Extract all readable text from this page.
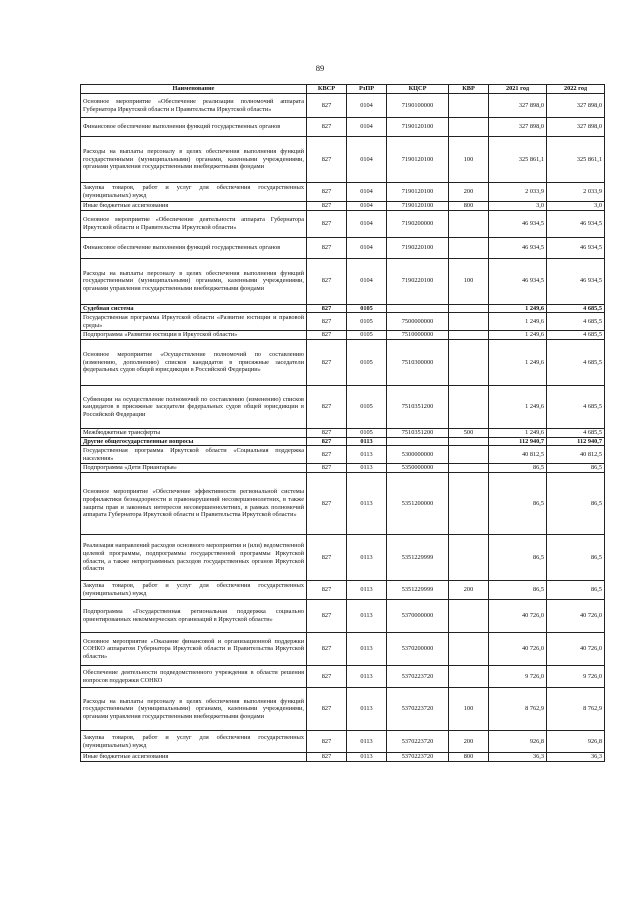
89
Наименование	КВСР	РзПР	КЦСР	КВР	2021 год	2022 год
Основное мероприятие «Обеспечение реализации полномочий аппарата Губернатора Иркутской области и Правительства Иркутской области»	827	0104	7190100000		327 898,0	327 898,0
Финансовое обеспечение выполнения функций государственных органов	827	0104	7190120100		327 898,0	327 898,0
Расходы на выплаты персоналу в целях обеспечения выполнения функций государственными (муниципальными) органами, казенными учреждениями, органами управления государственными внебюджетными фондами	827	0104	7190120100	100	325 861,1	325 861,1
Закупка товаров, работ и услуг для обеспечения государственных (муниципальных) нужд	827	0104	7190120100	200	2 033,9	2 033,9
Иные бюджетные ассигнования	827	0104	7190120100	800	3,0	3,0
Основное мероприятие «Обеспечение деятельности аппарата Губернатора Иркутской области и Правительства Иркутской области»	827	0104	7190200000		46 934,5	46 934,5
Финансовое обеспечение выполнения функций государственных органов	827	0104	7190220100		46 934,5	46 934,5
Расходы на выплаты персоналу в целях обеспечения выполнения функций государственными (муниципальными) органами, казенными учреждениями, органами управления государственными внебюджетными фондами	827	0104	7190220100	100	46 934,5	46 934,5
Судебная система	827	0105			1 249,6	4 685,5
Государственная программа Иркутской области «Развитие юстиции и правовой среды»	827	0105	7500000000		1 249,6	4 685,5
Подпрограмма «Развитие юстиции в Иркутской области»	827	0105	7510000000		1 249,6	4 685,5
Основное мероприятие «Осуществление полномочий по составлению (изменению, дополнению) списков кандидатов в присяжные заседатели федеральных судов общей юрисдикции в Российской Федерации»	827	0105	7510300000		1 249,6	4 685,5
Субвенции на осуществление полномочий по составлению (изменению) списков кандидатов в присяжные заседатели федеральных судов общей юрисдикции в Российской Федерации	827	0105	7510351200		1 249,6	4 685,5
Межбюджетные трансферты	827	0105	7510351200	500	1 249,6	4 685,5
Другие общегосударственные вопросы	827	0113			112 940,7	112 940,7
Государственная программа Иркутской области «Социальная поддержка населения»	827	0113	5300000000		40 812,5	40 812,5
Подпрограмма «Дети Приангарья»	827	0113	5350000000		86,5	86,5
Основное мероприятие «Обеспечение эффективности региональной системы профилактики безнадзорности и правонарушений несовершеннолетних, в также защиты прав и законных интересов несовершеннолетних, в рамках полномочий аппарата Губернатора Иркутской области и Правительства Иркутской области»	827	0113	5351200000		86,5	86,5
Реализация направлений расходов основного мероприятия и (или) ведомственной целевой программы, подпрограммы государственной программы Иркутской области, а также непрограммных расходов государственных органов Иркутской области	827	0113	5351229999		86,5	86,5
Закупка товаров, работ и услуг для обеспечения государственных (муниципальных) нужд	827	0113	5351229999	200	86,5	86,5
Подпрограмма «Государственная региональная поддержка социально ориентированных некоммерческих организаций в Иркутской области»	827	0113	5370000000		40 726,0	40 726,0
Основное мероприятие «Оказание финансовой и организационной поддержки СОНКО аппаратом Губернатора Иркутской области и Правительства Иркутской области»	827	0113	5370200000		40 726,0	40 726,0
Обеспечение деятельности подведомственного учреждения в области решения вопросов поддержки СОНКО	827	0113	5370223720		9 726,0	9 726,0
Расходы на выплаты персоналу в целях обеспечения выполнения функций государственными (муниципальными) органами, казенными учреждениями, органами управления государственными внебюджетными фондами	827	0113	5370223720	100	8 762,9	8 762,9
Закупка товаров, работ и услуг для обеспечения государственных (муниципальных) нужд	827	0113	5370223720	200	926,8	926,8
Иные бюджетные ассигнования	827	0113	5370223720	800	36,3	36,3
